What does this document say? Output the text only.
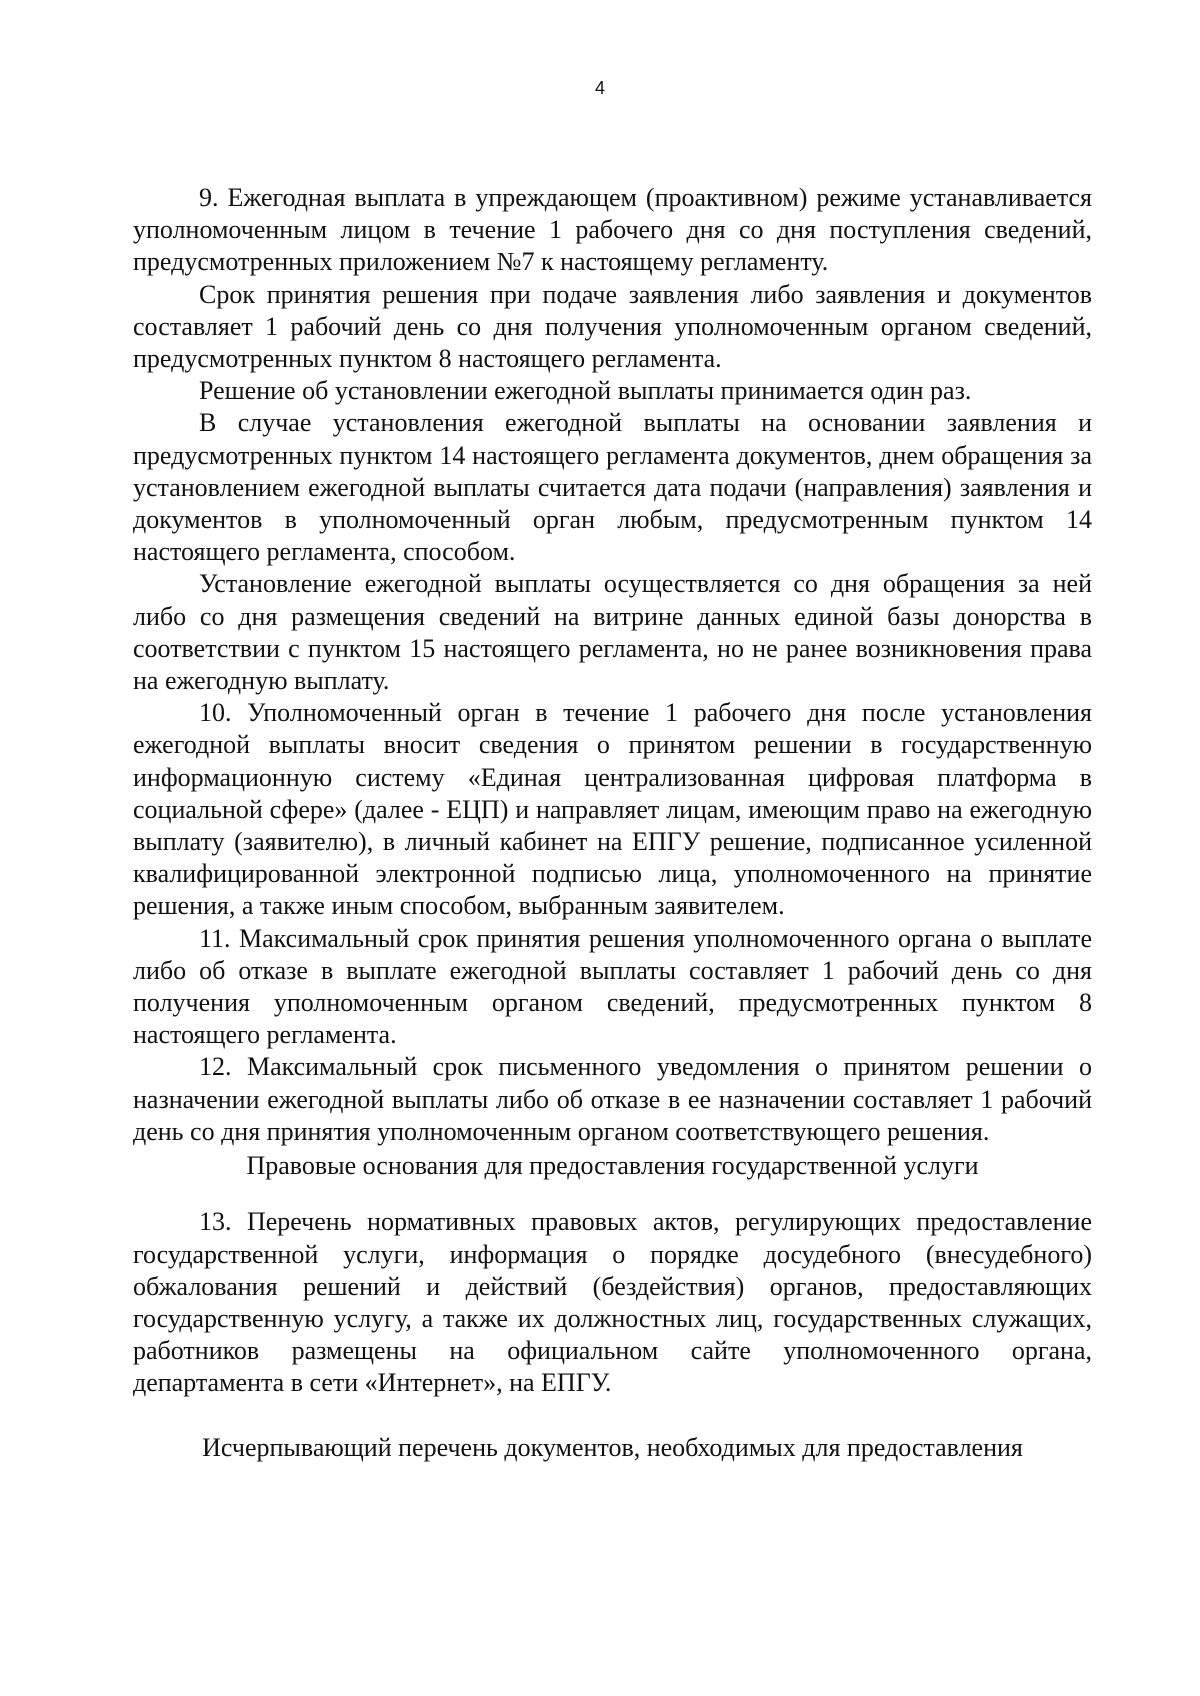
4

9. Ежегодная выплата в упреждающем (проактивном) режиме устанавливается уполномоченным лицом в течение 1 рабочего дня со дня поступления сведений, предусмотренных приложением №7 к настоящему регламенту.

Срок принятия решения при подаче заявления либо заявления и документов составляет 1 рабочий день со дня получения уполномоченным органом сведений, предусмотренных пунктом 8 настоящего регламента.

Решение об установлении ежегодной выплаты принимается один раз.

В случае установления ежегодной выплаты на основании заявления и предусмотренных пунктом 14 настоящего регламента документов, днем обращения за установлением ежегодной выплаты считается дата подачи (направления) заявления и документов в уполномоченный орган любым, предусмотренным пунктом 14 настоящего регламента, способом.

Установление ежегодной выплаты осуществляется со дня обращения за ней либо со дня размещения сведений на витрине данных единой базы донорства в соответствии с пунктом 15 настоящего регламента, но не ранее возникновения права на ежегодную выплату.

10. Уполномоченный орган в течение 1 рабочего дня после установления ежегодной выплаты вносит сведения о принятом решении в государственную информационную систему «Единая централизованная цифровая платформа в социальной сфере» (далее - ЕЦП) и направляет лицам, имеющим право на ежегодную выплату (заявителю), в личный кабинет на ЕПГУ решение, подписанное усиленной квалифицированной электронной подписью лица, уполномоченного на принятие решения, а также иным способом, выбранным заявителем.

11. Максимальный срок принятия решения уполномоченного органа о выплате либо об отказе в выплате ежегодной выплаты составляет 1 рабочий день со дня получения уполномоченным органом сведений, предусмотренных пунктом 8 настоящего регламента.

12. Максимальный срок письменного уведомления о принятом решении о назначении ежегодной выплаты либо об отказе в ее назначении составляет 1 рабочий день со дня принятия уполномоченным органом соответствующего решения.

Правовые основания для предоставления государственной услуги

13. Перечень нормативных правовых актов, регулирующих предоставление государственной услуги, информация о порядке досудебного (внесудебного) обжалования решений и действий (бездействия) органов, предоставляющих государственную услугу, а также их должностных лиц, государственных служащих, работников размещены на официальном сайте уполномоченного органа, департамента в сети «Интернет», на ЕПГУ.

Исчерпывающий перечень документов, необходимых для предоставления
